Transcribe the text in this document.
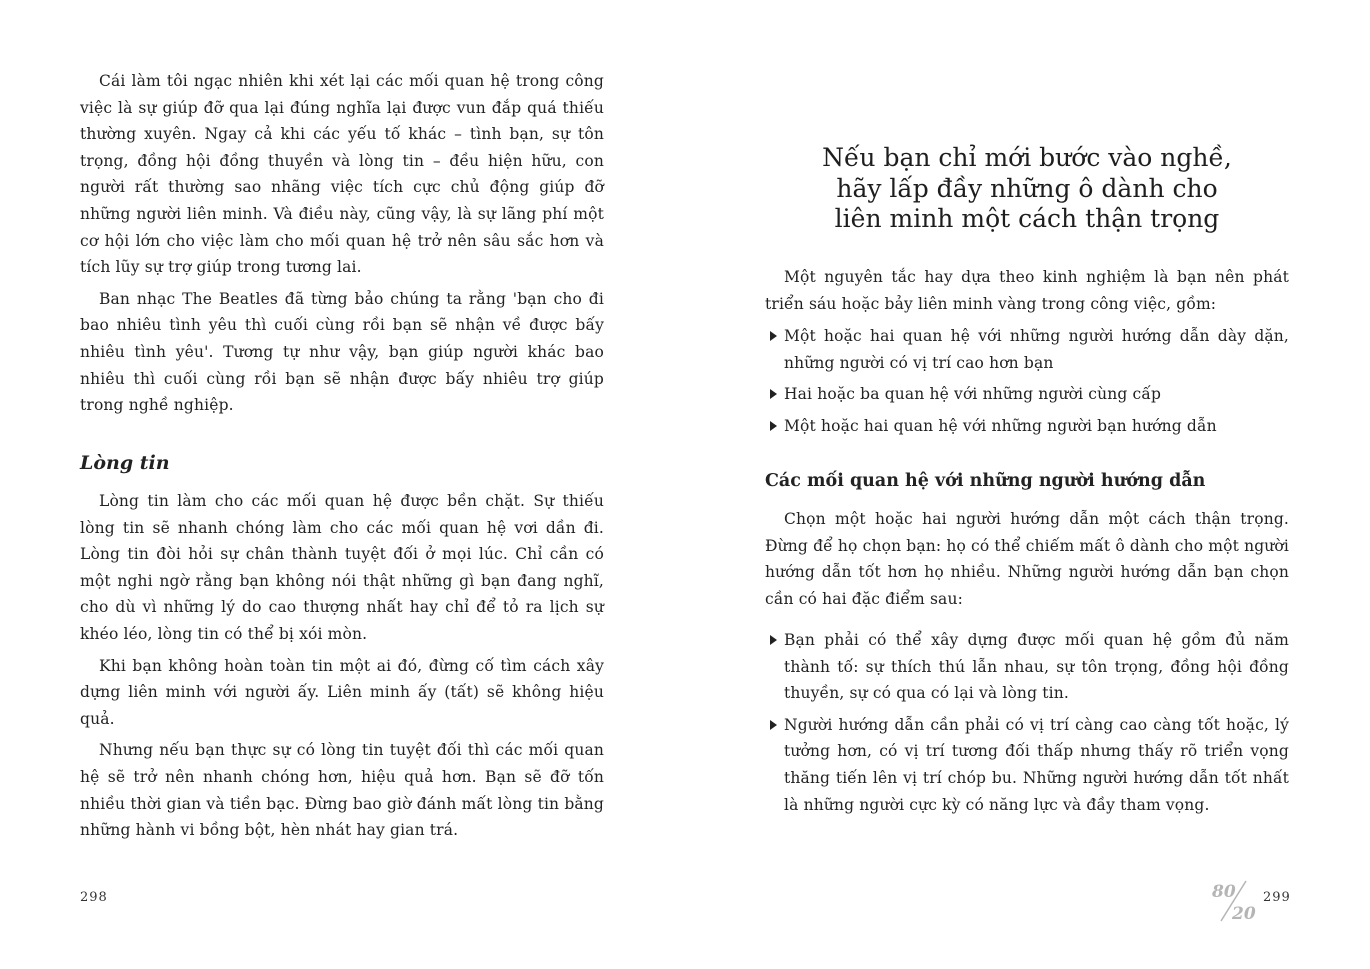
Cái làm tôi ngạc nhiên khi xét lại các mối quan hệ trong công việc là sự giúp đỡ qua lại đúng nghĩa lại được vun đắp quá thiếu thường xuyên. Ngay cả khi các yếu tố khác – tình bạn, sự tôn trọng, đồng hội đồng thuyền và lòng tin – đều hiện hữu, con người rất thường sao nhãng việc tích cực chủ động giúp đỡ những người liên minh. Và điều này, cũng vậy, là sự lãng phí một cơ hội lớn cho việc làm cho mối quan hệ trở nên sâu sắc hơn và tích lũy sự trợ giúp trong tương lai.

Ban nhạc The Beatles đã từng bảo chúng ta rằng 'bạn cho đi bao nhiêu tình yêu thì cuối cùng rồi bạn sẽ nhận về được bấy nhiêu tình yêu'. Tương tự như vậy, bạn giúp người khác bao nhiêu thì cuối cùng rồi bạn sẽ nhận được bấy nhiêu trợ giúp trong nghề nghiệp.

Lòng tin

Lòng tin làm cho các mối quan hệ được bền chặt. Sự thiếu lòng tin sẽ nhanh chóng làm cho các mối quan hệ vơi dần đi. Lòng tin đòi hỏi sự chân thành tuyệt đối ở mọi lúc. Chỉ cần có một nghi ngờ rằng bạn không nói thật những gì bạn đang nghĩ, cho dù vì những lý do cao thượng nhất hay chỉ để tỏ ra lịch sự khéo léo, lòng tin có thể bị xói mòn.

Khi bạn không hoàn toàn tin một ai đó, đừng cố tìm cách xây dựng liên minh với người ấy. Liên minh ấy (tất) sẽ không hiệu quả.

Nhưng nếu bạn thực sự có lòng tin tuyệt đối thì các mối quan hệ sẽ trở nên nhanh chóng hơn, hiệu quả hơn. Bạn sẽ đỡ tốn nhiều thời gian và tiền bạc. Đừng bao giờ đánh mất lòng tin bằng những hành vi bồng bột, hèn nhát hay gian trá.

298
Nếu bạn chỉ mới bước vào nghề,
hãy lấp đầy những ô dành cho
liên minh một cách thận trọng

Một nguyên tắc hay dựa theo kinh nghiệm là bạn nên phát triển sáu hoặc bảy liên minh vàng trong công việc, gồm:

Một hoặc hai quan hệ với những người hướng dẫn dày dặn, những người có vị trí cao hơn bạn
Hai hoặc ba quan hệ với những người cùng cấp
Một hoặc hai quan hệ với những người bạn hướng dẫn
Các mối quan hệ với những người hướng dẫn

Chọn một hoặc hai người hướng dẫn một cách thận trọng. Đừng để họ chọn bạn: họ có thể chiếm mất ô dành cho một người hướng dẫn tốt hơn họ nhiều. Những người hướng dẫn bạn chọn cần có hai đặc điểm sau:

Bạn phải có thể xây dựng được mối quan hệ gồm đủ năm thành tố: sự thích thú lẫn nhau, sự tôn trọng, đồng hội đồng thuyền, sự có qua có lại và lòng tin.
Người hướng dẫn cần phải có vị trí càng cao càng tốt hoặc, lý tưởng hơn, có vị trí tương đối thấp nhưng thấy rõ triển vọng thăng tiến lên vị trí chóp bu. Những người hướng dẫn tốt nhất là những người cực kỳ có năng lực và đầy tham vọng.
80
20
299
